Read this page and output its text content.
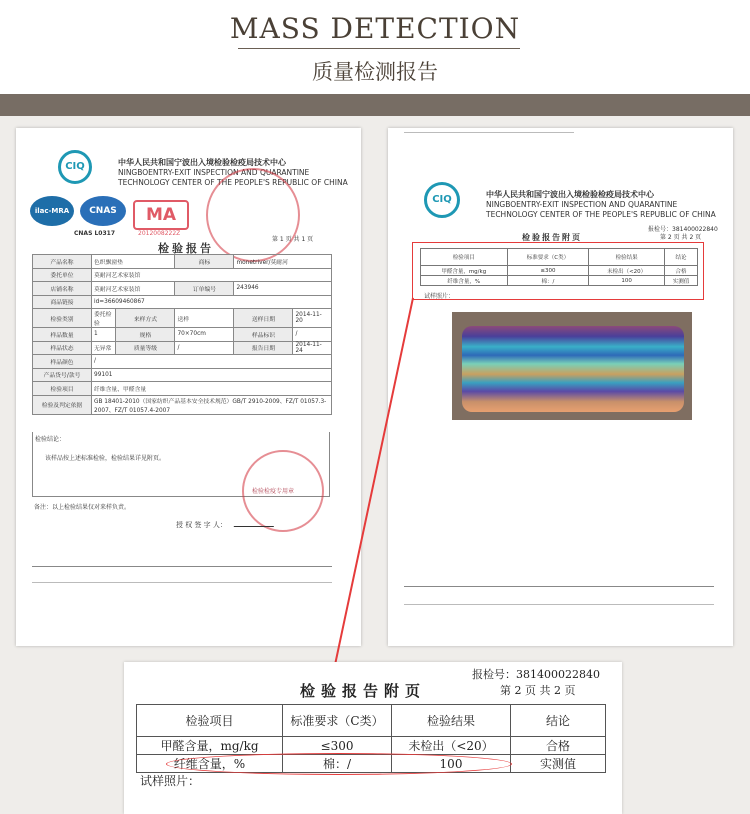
MASS DETECTION
质量检测报告
CIQ	中华人民共和国宁波出入境检验检疫局技术中心
NINGBOENTRY-EXIT INSPECTION AND QUARANTINE
TECHNOLOGY CENTER OF THE PEOPLE'S REPUBLIC OF CHINA
ilac-MRA	CNAS
CNAS L0317
MA
2012008222Z
第 1 页 共 1 页
检验报告
产品名称	色织飘窗垫		商标	monetriver/莫耐河	
委托单位	莫耐河艺术家装馆				
店铺名称	莫耐河艺术家装馆		订单编号	243946	
商品链接	id=36609460867				
检验类别	委托检验	来样方式	送样	送样日期	2014-11-20
样品数量	1	规格	70×70cm	样品标识	/
样品状态	无异常	质量等级	/	报告日期	2014-11-24
样品颜色	/				
产品货号/款号	99101				
检验项目	纤维含量、甲醛含量				
检验及判定依据	GB 18401-2010（国家纺织产品基本安全技术规范）GB/T 2910-2009、FZ/T 01057.3-2007、FZ/T 01057.4-2007				
检验结论：
该样品按上述标准检验，检验结果详见附页。
检验检疫专用章
备注：以上检验结果仅对来样负责。
授 权 签 字 人：
CIQ	中华人民共和国宁波出入境检验检疫局技术中心
NINGBOENTRY-EXIT INSPECTION AND QUARANTINE
TECHNOLOGY CENTER OF THE PEOPLE'S REPUBLIC OF CHINA
报检号：381400022840
第 2 页 共 2 页
检验报告附页
检验项目	标准要求（C类）	检验结果	结论
甲醛含量，mg/kg	≤300	未检出（<20）	合格
纤维含量，%	棉：/	100	实测值
试样照片：
报检号：381400022840
第 2 页 共 2 页
检验报告附页
检验项目	标准要求（C类）	检验结果	结论
甲醛含量，mg/kg	≤300	未检出（<20）	合格
纤维含量，%	棉：/	100	实测值
试样照片：
